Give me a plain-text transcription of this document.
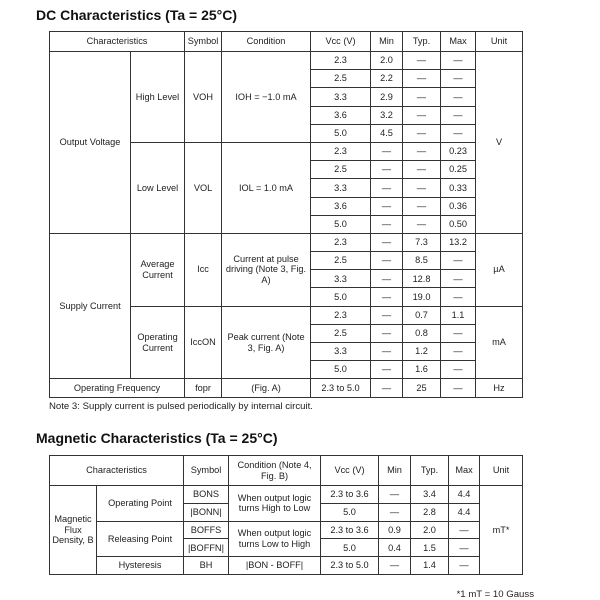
DC Characteristics (Ta = 25°C)
Characteristics		Symbol	Condition	Vcc (V)	Min	Typ.	Max	Unit
Output Voltage	High Level	VOH	IOH = −1.0 mA	2.3	2.0	—	—	V
				2.5	2.2	—	—	
				3.3	2.9	—	—	
				3.6	3.2	—	—	
				5.0	4.5	—	—	
	Low Level	VOL	IOL = 1.0 mA	2.3	—	—	0.23	
				2.5	—	—	0.25	
				3.3	—	—	0.33	
				3.6	—	—	0.36	
				5.0	—	—	0.50	
Supply Current	Average Current	Icc	Current at pulse driving (Note 3, Fig. A)	2.3	—	7.3	13.2	µA
				2.5	—	8.5	—	
				3.3	—	12.8	—	
				5.0	—	19.0	—	
	Operating Current	IccON	Peak current (Note 3, Fig. A)	2.3	—	0.7	1.1	mA
				2.5	—	0.8	—	
				3.3	—	1.2	—	
				5.0	—	1.6	—	
Operating Frequency		fopr	(Fig. A)	2.3 to 5.0	—	25	—	Hz
Note 3: Supply current is pulsed periodically by internal circuit.
Magnetic Characteristics (Ta = 25°C)
Characteristics		Symbol	Condition (Note 4, Fig. B)	Vcc (V)	Min	Typ.	Max	Unit
Magnetic Flux Density, B	Operating Point	BONS	When output logic turns High to Low	2.3 to 3.6	—	3.4	4.4	mT*
		|BONN|		5.0	—	2.8	4.4	
	Releasing Point	BOFFS	When output logic turns Low to High	2.3 to 3.6	0.9	2.0	—	
		|BOFFN|		5.0	0.4	1.5	—	
	Hysteresis	BH	|BON - BOFF|	2.3 to 5.0	—	1.4	—	
*1 mT = 10 Gauss
